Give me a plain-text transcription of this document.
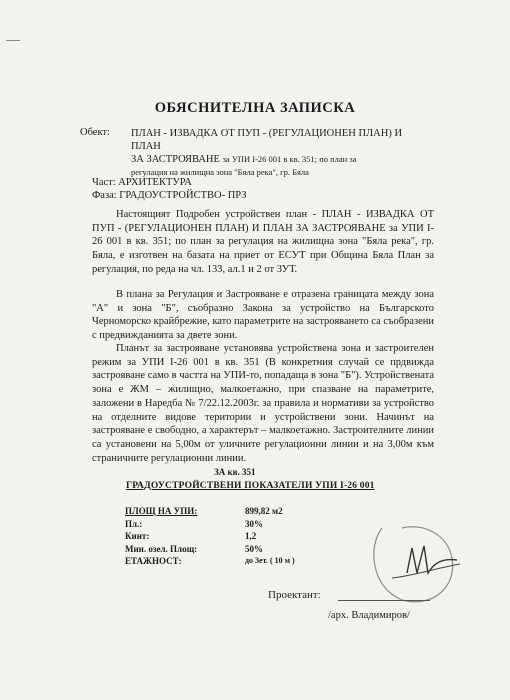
ОБЯСНИТЕЛНА ЗАПИСКА
Обект: ПЛАН - ИЗВАДКА ОТ ПУП - (РЕГУЛАЦИОНЕН ПЛАН) И ПЛАН
ЗА ЗАСТРОЯВАНЕ за УПИ I-26 001 в кв. 351; по план за
регулация на жилищна зона "Бяла река", гр. Бяла
Част: АРХИТЕКТУРА
Фаза: ГРАДОУСТРОЙСТВО- ПРЗ

Настоящият Подробен устройствен план - ПЛАН - ИЗВАДКА ОТ ПУП - (РЕГУЛАЦИОНЕН ПЛАН) И ПЛАН ЗА ЗАСТРОЯВАНЕ за УПИ I-26 001 в кв. 351; по план за регулация на жилищна зона "Бяла река", гр. Бяла, е изготвен на базата на приет от ЕСУТ при Община Бяла План за регулация, по реда на чл. 133, ал.1 и 2 от ЗУТ.

В плана за Регулация и Застрояване е отразена границата между зона "А" и зона "Б", съобразно Закона за устройство на Българското Черноморско крайбрежие, като параметрите на застрояването са съобразени с предвижданията за двете зони.

Планът за застрояване установява устройствена зона и застроителен режим за УПИ I-26 001 в кв. 351 (В конкретния случай се прдвижда застрояване само в частта на УПИ-то, попадаща в зона "Б"). Устройствената зона е ЖМ – жилищно, малкоетажно, при спазване на параметрите, заложени в Наредба № 7/22.12.2003г. за правила и нормативи за устройство на отделните видове територии и устройствени зони. Начинът на застрояване е свободно, а характерът – малкоетажно. Застроителните линии са установени на 5,00м от уличните регулационни линии и на 3,00м към страничните регулационни линии.

ЗА кв. 351
ГРАДОУСТРОЙСТВЕНИ ПОКАЗАТЕЛИ УПИ I-26 001
ПЛОЩ НА УПИ:	899,82 м2
Пл.:	30%
Кинт:	1,2
Мин. озел. Площ:	50%
ЕТАЖНОСТ:	до 3ет. ( 10 м )
Проектант:
/арх. Владимиров/
